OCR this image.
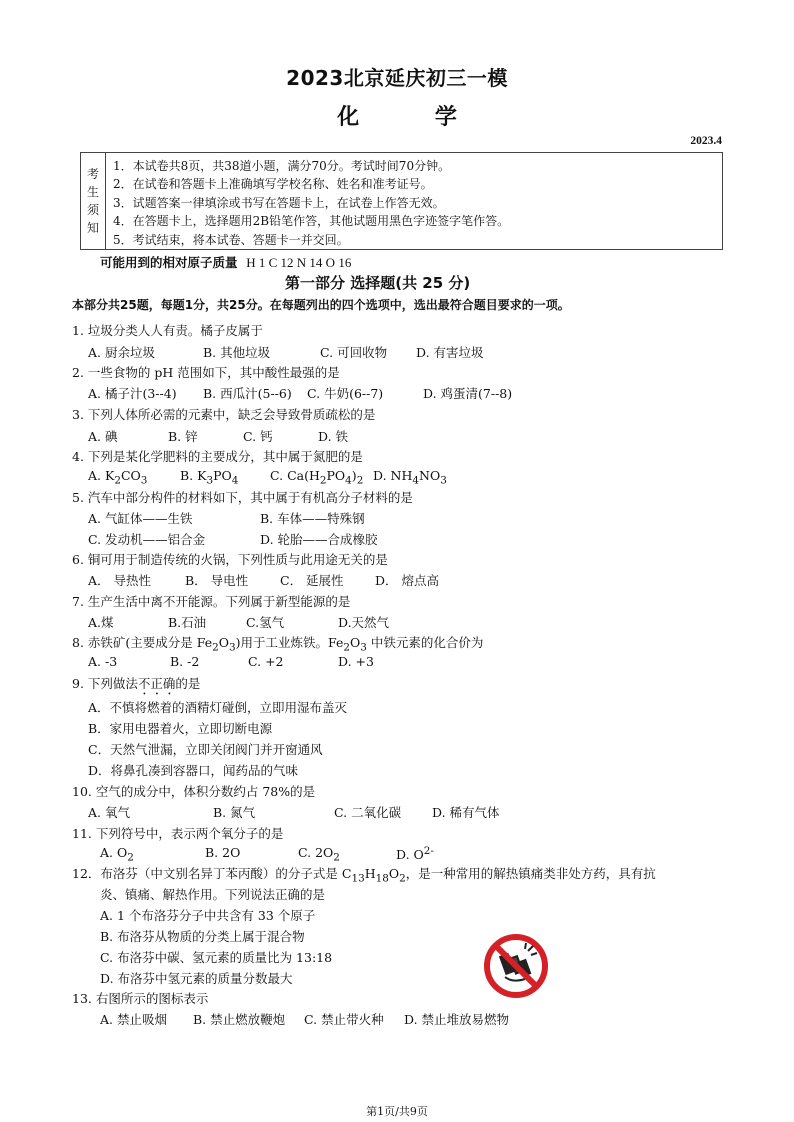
2023北京延庆初三一模
化 学
2023.4
考
生
须
知
1．本试卷共8页，共38道小题，满分70分。考试时间70分钟。
2．在试卷和答题卡上准确填写学校名称、姓名和准考证号。
3．试题答案一律填涂或书写在答题卡上，在试卷上作答无效。
4．在答题卡上，选择题用2B铅笔作答，其他试题用黑色字迹签字笔作答。
5．考试结束，将本试卷、答题卡一并交回。
可能用到的相对原子质量 H 1 C 12 N 14 O 16
第一部分 选择题(共 25 分)
本部分共25题，每题1分，共25分。在每题列出的四个选项中，选出最符合题目要求的一项。
1. 垃圾分类人人有责。橘子皮属于
A. 厨余垃圾	B. 其他垃圾	C. 可回收物 D. 有害垃圾
2. 一些食物的 pH 范围如下，其中酸性最强的是
A. 橘子汁(3--4) B. 西瓜汁(5--6) C. 牛奶(6--7)	D. 鸡蛋清(7--8)
3. 下列人体所必需的元素中，缺乏会导致骨质疏松的是
A. 碘	B. 锌	C. 钙	D. 铁
4. 下列是某化学肥料的主要成分，其中属于氮肥的是
A. $K_2CO_3$	B. $K_3PO_4$	C. $Ca(H_2PO_4)_2$ D. $NH_4NO_3$
5. 汽车中部分构件的材料如下，其中属于有机高分子材料的是
A. 气缸体——生铁	B. 车体——特殊钢
C. 发动机——铝合金	D. 轮胎——合成橡胶
6. 铜可用于制造传统的火锅，下列性质与此用途无关的是
A． 导热性	B． 导电性	C． 延展性	D． 熔点高
7. 生产生活中离不开能源。下列属于新型能源的是
A.煤	B.石油	C.氢气	D.天然气
8. 赤铁矿(主要成分是 $Fe_2O_3$)用于工业炼铁。$Fe_2O_3$ 中铁元素的化合价为
A. -3	B. -2	C. +2	D. +3
9. 下列做法不正确的是
A．不慎将燃着的酒精灯碰倒，立即用湿布盖灭
B．家用电器着火，立即切断电源
C．天然气泄漏，立即关闭阀门并开窗通风
D．将鼻孔凑到容器口，闻药品的气味
10. 空气的成分中，体积分数约占 78%的是
A. 氧气	B. 氮气	C. 二氧化碳 D. 稀有气体
11. 下列符号中，表示两个氧分子的是
A. $O_2$	B. 2O	C. $2O_2$	D. $O^{2-}$
12．布洛芬（中文别名异丁苯丙酸）的分子式是 $C_{13}H_{18}O_2$，是一种常用的解热镇痛类非处方药，具有抗
炎、镇痛、解热作用。下列说法正确的是
A. 1 个布洛芬分子中共含有 33 个原子
B. 布洛芬从物质的分类上属于混合物
C. 布洛芬中碳、氢元素的质量比为 13:18
D. 布洛芬中氢元素的质量分数最大
13. 右图所示的图标表示
A. 禁止吸烟 B. 禁止燃放鞭炮 C. 禁止带火种 D. 禁止堆放易燃物
第1页/共9页
